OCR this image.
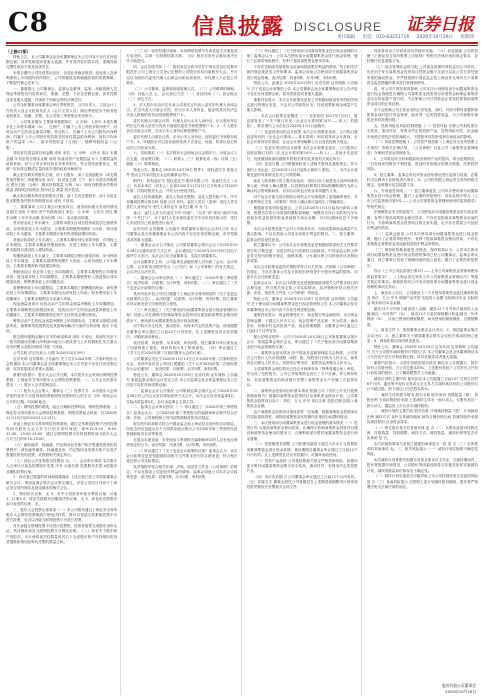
C8	信息披露 DISCLOSURE 证券日报
责任编辑 电话：010-83251716 2020年10月29日 星期四

（上接C7版）

特此公告。本公司董事会及全体董事保证本公告内容不存在任何虚假记载、误导性陈述或者重大遗漏，并对其内容的真实性、准确性和完整性承担个别及连带责任。

本报告期内公司经营情况良好，各项业务稳步推进，营业收入及净利润较上年同期均有所增长，公司将继续坚持稳健经营的发展策略，不断提升核心竞争力。

一、重要提示 公司董事会、监事会及董事、监事、高级管理人员保证季度报告内容的真实、准确、完整，不存在虚假记载、误导性陈述或者重大遗漏，并承担个别和连带的法律责任。

公司全体董事出席董事会审议季度报告。公司负责人、主管会计工作负责人及会计机构负责人（会计主管人员）保证季度报告中财务报表的真实、准确、完整。本公司第三季度报告未经审计。

二、公司基本情况 主要财务数据单位：元 币种：人民币 本报告期末比上年度末增减（%），总资产、归属于上市公司股东的净资产、经营活动产生的现金流量净额、营业收入、归属于上市公司股东的净利润、归属于上市公司股东的扣除非经常性损益的净利润、加权平均净资产收益率（%）、基本每股收益（元/股）、稀释每股收益（元/股）。

非经常性损益项目和金额 适用 单位：元 币种：人民币 项目 本期金额 年初至报告期末金额 说明 非流动资产处置损益 计入当期损益的政府补助，但与公司正常经营业务密切相关，符合国家政策规定、按照一定标准定额或定量持续享受的政府补助除外。

截止报告期末的股东总数、前十名股东、前十名流通股东（或无限售条件股东）持股情况表 单位：股 股东总数（户） 前十名股东持股情况 股东名称（全称） 期末持股数量 比例（%） 持有有限售条件股份数量 质押或冻结情况 股份状态 数量 股东性质。

截止报告期末的优先股股东总数、前十名优先股股东、前十名优先股无限售条件股东持股情况表 适用 不适用。

三、重要事项 公司主要会计报表项目、财务指标重大变动的情况及原因 适用 不适用 资产负债表项目 单位：元 币种：人民币 项目 期末余额 上年年末余额 变动比例（%） 变动原因说明。

货币资金较上年末减少，主要系本期支付项目投资款及偿还借款所致；应收账款较上年末增加，主要系本期销售规模扩大所致；预付款项较上年末增加，主要系本期预付原材料采购款增加所致。

其他应收款较上年末减少，主要系本期收回往来款所致；存货较上年末增加，主要系本期备货增加所致；在建工程较上年末增加，主要系本期项目建设投入增加所致。

短期借款较上年末减少，主要系本期偿还银行借款所致；应付账款较上年末增加，主要系本期采购规模扩大所致；合同负债较上年末增加，主要系本期预收货款增加所致。

利润表项目 营业收入较上年同期增长，主要系本期销售订单增加所致；营业成本较上年同期增长，主要系本期销售收入增加相应成本增加所致；销售费用较上年同期变动。

管理费用较上年同期增加，主要系本期职工薪酬增加所致；研发费用较上年同期增加，主要系本期加大研发投入所致；财务费用较上年同期减少，主要系本期利息支出减少所致。

现金流量表项目 经营活动产生的现金流量净额较上年同期增加，主要系本期销售回款增加所致；投资活动产生的现金流量净额较上年同期减少，主要系本期购建固定资产支付的现金增加所致。

筹资活动产生的现金流量净额较上年同期变动，主要系本期偿还借款所致。重要事项进展情况及其影响和解决方案的分析说明 适用 不适用。

报告期内超期未履行完毕的承诺事项 适用 不适用。预测年初至下一报告期期末的累计净利润可能为亏损或者与上年同期相比发生重大变动的警示及原因说明 适用 不适用。

公司名称 法定代表人 日期 2020年10月29日

证券代码 证券简称 公告编号 关于召开2020年第二次临时股东大会的通知 本公司董事会及全体董事保证本公告内容不存在任何虚假记载、误导性陈述或者重大遗漏。

重要内容提示：股东大会召开日期、本次股东大会采用的网络投票系统：上海证券交易所股东大会网络投票系统。一、召开会议的基本情况（一）股东大会类型和届次。

（二）股东大会召集人：董事会（三）投票方式：本次股东大会所采用的表决方式是现场投票和网络投票相结合的方式（四）现场会议召开的日期、时间和地点。

（五）网络投票的系统、起止日期和投票时间。网络投票系统：上海证券交易所股东大会网络投票系统；网络投票起止时间：自2020年11月13日至2020年11月13日。

采用上海证券交易所网络投票系统，通过交易系统投票平台的投票时间为股东大会召开当日的交易时间段，即9:15-9:25，9:30-11:30，13:00-15:00；通过互联网投票平台的投票时间为股东大会召开当日的9:15-15:00。

（六）融资融券、转融通、约定购回业务账户和沪股通投资者的投票程序。涉及融资融券、转融通业务、约定购回业务相关账户以及沪股通投资者的投票，应按照相关规定执行。

（七）涉及公开征集股东投票权 无。二、会议审议事项 本次股东大会审议议案及投票股东类型 序号 议案名称 投票股东类型 A股股东 非累积投票议案。

1、各议案已披露的时间和披露媒体 上述议案已经公司第届董事会第次会议、第届监事会第次会议审议通过，详见公司同日刊登于上海证券交易所网站及指定媒体的相关公告。

2、特别决议议案：无 3、对中小投资者单独计票的议案：议案1、议案2 4、涉及关联股东回避表决的议案：无 5、涉及优先股股东参与表决的议案：无。

三、股东大会投票注意事项（一）本公司股东通过上海证券交易所股东大会网络投票系统行使表决权的，既可以登陆交易系统投票平台进行投票，也可以登陆互联网投票平台进行投票。

首次登陆互联网投票平台进行投票的，投资者需要完成股东身份认证。具体操作请见互联网投票平台网站说明。（二）持有多个股东账户的股东，可行使的表决权数量是其名下全部股东账户所持相同类别普通股和相同品种优先股的数量总和。

（三）同一表决权通过现场、本所网络投票平台或其他方式重复进行表决的，以第一次投票结果为准。（四）股东对所有议案均表决完毕才能提交。

四、会议出席对象（一）股权登记日收市后在中国证券登记结算有限责任公司上海分公司登记在册的公司股东有权出席股东大会，并可以以书面形式委托代理人出席会议和参加表决。该代理人不必是公司股东。

（二）公司董事、监事和高级管理人员。（三）公司聘请的律师。（四）其他人员 五、会议登记方法（一）登记时间（二）登记地点（三）登记方式。

1、法人股东应由法定代表人或者法定代表人委托的代理人出席会议。法定代表人出席会议的，应出示本人身份证、能证明其具有法定代表人资格的有效证明和股票账户卡。

委托代理人出席会议的，代理人应出示本人身份证、法人股东单位的法定代表人依法出具的书面授权委托书和股票账户卡。2、个人股东亲自出席会议的，应出示本人身份证和股票账户卡。

委托代理人出席会议的，应出示本人身份证、授权委托书和股东账户卡。3、异地股东可以用信函或传真方式登记，信函、传真以登记时间内公司收到为准。

六、其他事项（一）本次股东大会现场会议会期半天，出席会议人员交通、食宿费自理。（二）联系人（三）联系电话（四）传真（五）邮箱（六）联系地址。

特此公告。董事会 2020年10月29日 附件1：授权委托书 报备文件 提议召开本次股东大会的董事会决议。

附件1：授权委托书 授权委托书 股份有限公司：兹委托先生（女士）代表本单位（或本人）出席2020年11月13日召开的贵公司2020年第二次临时股东大会，并代为行使表决权。

委托人持普通股数、委托人持优先股数、委托人股东帐户号。序号 非累积投票议案名称 同意 反对 弃权。委托人签名（盖章）受托人签名 委托人身份证号 受托人身份证号 委托日期 年 月 日。

备注：委托人应当在委托书中“同意”、“反对”或“弃权”意向中选择一个并打“√”，对于委托人在本授权委托书中未作具体指示的，受托人有权按自己的意愿进行表决。

证券代码 证券简称 公告编号 第届董事会第次会议决议公告 本公司董事会及全体董事保证本公告内容不存在任何虚假记载、误导性陈述或者重大遗漏。

一、董事会会议召开情况 公司第届董事会第次会议于2020年10月28日以通讯表决方式召开。会议通知已于2020年10月23日以电子邮件方式发出。本次会议应出席董事名，实际出席董事名。

会议由董事长主持，公司监事及高级管理人员列席了会议。会议的召集、召开和表决程序符合《公司法》和《公司章程》的有关规定，会议决议合法有效。

二、董事会会议审议情况（一）审议通过了《2020年第三季度报告》表决结果：同意票，反对0票，弃权0票。（二）审议通过了《关于变更会计政策的议案》。

具体内容详见公司同日披露于上海证券交易所网站的《关于变更会计政策的公告》。表决结果：同意票，反对0票，弃权0票。独立董事对该议案发表了同意的独立意见。

（三）审议通过了《关于使用部分闲置募集资金进行现金管理的议案》同意公司在确保不影响募集资金投资项目建设和募集资金使用的情况下，使用部分闲置募集资金进行现金管理。

用于购买安全性高、流动性好、有保本约定的投资产品，使用期限自董事会审议通过之日起12个月内有效，在上述额度及决议有效期内，可循环滚动使用。

表决结果：同意票，反对0票，弃权0票。独立董事对该议案发表了同意的独立意见，保荐机构出具了核查意见。（四）审议通过了《关于召开2020年第二次临时股东大会的议案》。

公司董事会决定于2020年11月13日召开2020年第二次临时股东大会，具体内容详见公司同日披露的《关于召开2020年第二次临时股东大会的通知》。表决结果：同意票，反对0票，弃权0票。

特此公告。董事会 2020年10月29日 证券代码 证券简称 公告编号 第届监事会第次会议决议公告 本公司监事会及全体监事保证本公告内容不存在任何虚假记载。

一、监事会会议召开情况 公司第届监事会第次会议于2020年10月28日在公司会议室以现场表决方式召开。本次会议应出席监事3名，实际出席监事3名，会议由监事会主席主持。

二、监事会会议审议情况（一）审议通过了《2020年第三季度报告》监事会认为：公司2020年第三季度报告的编制和审议程序符合法律、法规、公司章程和公司内部管理制度的各项规定。

报告的内容和格式符合中国证监会和上海证券交易所的各项规定，所包含的信息能从各个方面真实地反映出公司2020年第三季度的经营管理和财务状况等事项。

在提出本意见前，未发现参与季度报告编制和审议的人员有违反保密规定的行为。表决结果：同意3票，反对0票，弃权0票。

（二）审议通过了《关于变更会计政策的议案》监事会认为：本次会计政策变更是根据财政部相关文件要求进行的合理变更，符合相关规定和公司实际情况。

其决策程序符合相关法律、法规、规范性文件及《公司章程》的规定，不存在损害公司及股东利益的情形。监事会同意公司本次会计政策变更。表决结果：同意3票，反对0票，弃权0票。

（三）审议通过了《关于使用部分闲置募集资金进行现金管理的议案》监事会认为：公司本次使用部分闲置募集资金进行现金管理，履行了必要的审批程序，有利于提高募集资金使用效率。

不存在变相改变募集资金用途和损害股东利益的情形，符合相关法律法规及规范性文件的要求。监事会同意公司使用部分闲置募集资金进行现金管理。表决结果：同意3票，反对0票，弃权0票。

特此公告。监事会 2020年10月29日 证券代码 证券简称 公告编号 关于变更会计政策的公告 本公司董事会及全体董事保证本公告内容不存在任何虚假记载、误导性陈述或者重大遗漏。

重要内容提示：本次会计政策变更是公司根据财政部发布的相关规定进行的相应变更，不会对公司财务状况、经营成果和现金流量产生重大影响。

一、本次会计政策变更概述（一）变更原因 2017年7月5日，财政部发布了《关于修订印发〈企业会计准则第14号——收入〉的通知》，要求境内上市企业自2020年1月1日起施行。

（二）变更前采用的会计政策 本次会计政策变更前，公司执行财政部发布的《企业会计准则——基本准则》和各项具体会计准则、企业会计准则应用指南、企业会计准则解释公告以及其他相关规定。

（三）变更后采用的会计政策 本次会计政策变更后，公司将执行财政部修订后的《企业会计准则第14号——收入》。其他未变更部分，仍按照财政部前期颁布的相关准则及其他有关规定执行。

（四）变更日期 公司根据财政部上述相关准则及通知规定，作为境内上市企业，自2020年1月1日起执行新收入准则。二、本次会计政策变更的具体情况及对公司的影响。

新收入准则修订的主要内容包括：将现行收入和建造合同两项准则纳入统一的收入确认模型；以控制权转移替代风险报酬转移作为收入确认时点的判断标准；识别合同所包含的各单项履约义务。

对于包含多重交易安排的合同的会计处理提供了更明确的指引；对于某些特定交易（或事项）的收入确认和计量给出了明确规定。

根据新旧准则衔接规定，公司自2020年1月1日起执行新收入准则，根据首次执行本准则的累积影响数，调整首次执行本准则当年年初留存收益及财务报表其他相关项目金额，对可比期间信息不予调整。

本次会计政策变更不会对公司财务状况、经营成果和现金流量产生重大影响，不存在损害公司及全体股东利益的情况。三、独立董事、监事会的结论性意见。

独立董事认为：公司本次会计政策变更是根据财政部相关文件要求进行的合理变更，变更后的会计政策符合财政部、中国证监会和上海证券交易所的相关规定，能够客观、公允地反映公司的财务状况和经营成果。

本次会计政策变更的决策程序符合有关法律、法规和《公司章程》的规定，不存在损害公司及全体股东特别是中小股东利益的情形。同意本次会计政策变更。

监事会认为：本次会计政策变更是根据财政部相关文件要求进行的合理变更，符合相关规定和公司实际情况，其决策程序符合相关法律、法规、规范性文件及《公司章程》的规定。

特此公告。董事会 2020年10月29日 证券代码 证券简称 公告编号 关于使用部分闲置募集资金进行现金管理的公告 本公司董事会及全体董事保证本公告内容不存在任何虚假记载。

重要内容提示：现金管理受托方：商业银行等金融机构；本次现金管理金额：不超过人民币万元；现金管理产品名称：安全性高、流动性好、有保本约定的投资产品；现金管理期限：自董事会审议通过之日起12个月内有效。

履行的审议程序：公司于2020年10月28日召开第届董事会第次会议、第届监事会第次会议，审议通过了《关于使用部分闲置募集资金进行现金管理的议案》。

一、募集资金基本情况 经中国证券监督管理委员会核准，公司首次公开发行人民币普通股（A股）股，每股发行价格为人民币元，募集资金总额为人民币元，扣除发行费用后，募集资金净额为人民币元。

上述募集资金到位情况已经会计师事务所（特殊普通合伙）审验，并出具了验资报告。公司已对募集资金进行了专户存储，并与保荐机构、存放募集资金的商业银行签署了募集资金专户存储三方监管协议。

二、募集资金投资项目的基本情况 根据公司《首次公开发行股票招股说明书》披露的募集资金投资项目及募集资金使用计划，公司募集资金投资项目如下：单位：万元 序号 项目名称 投资总额 拟投入募集资金金额。

由于募集资金投资项目建设需要一定周期，根据募集资金投资项目的实际建设进度，现阶段募集资金在短期内出现部分闲置的情况。

三、本次使用部分闲置募集资金进行现金管理的基本情况（一）投资目的 为提高募集资金使用效率，在确保不影响募集资金投资项目建设和募集资金使用的情况下，合理利用部分暂时闲置募集资金进行现金管理。

（二）投资额度及期限 公司拟使用最高不超过人民币万元的暂时闲置募集资金进行现金管理，使用期限自董事会审议通过之日起12个月内有效。在上述额度及决议有效期内，可循环滚动使用。

（三）投资产品品种 公司将按照相关规定严格控制风险，拟使用部分暂时闲置募集资金购买安全性高、流动性好、有保本约定的投资产品。

（四）决议有效期 自公司董事会审议通过之日起12个月内有效。（五）实施方式 董事会授权公司管理层在上述额度和期限内行使该项投资决策权并签署相关合同文件。

具体事项由公司财务部负责组织实施。（六）信息披露 公司将按照《上海证券交易所股票上市规则》等相关法律法规的规定要求，及时履行信息披露义务。

（七）现金管理收益的分配 公司现金管理所得收益归公司所有，优先用于补足募集资金投资项目投资金额不足部分以及公司日常经营所需的流动资金，并严格按照中国证监会及上海证券交易所关于募集资金监管措施的要求进行管理和使用。

四、对公司日常经营的影响 公司本次计划使用部分闲置募集资金进行现金管理是在确保公司募集资金投资项目所需资金和保证募集资金安全的前提下进行的，不会影响公司日常资金正常周转需要和募集资金项目的正常运转。

亦不会影响公司主营业务的正常发展。同时，对部分暂时闲置的募集资金适时进行现金管理，能获得一定的投资收益，为公司和股东谋取更多的投资回报。

五、投资风险及风险控制措施（一）投资风险 尽管公司拟投资安全性高、流动性好、有保本约定的投资产品，投资风险可控，但金融市场受宏观经济的影响较大，不排除该项投资受到市场波动的影响。

（二）风险控制措施 1、公司将严格按照《上海证券交易所股票上市规则》等相关法律法规、《公司章程》以及公司《募集资金管理制度》办理相关现金管理业务。

2、公司将及时分析和跟踪现金管理产品的投向、项目进展情况，一旦发现或判断有不利因素，将及时采取相应的保全措施，控制投资风险。

3、独立董事、监事会有权对资金使用情况进行监督与检查，必要时可以聘请专业机构进行审计。4、公司将依据上海证券交易所的相关规定，及时履行信息披露义务。

六、专项意见说明（一）独立董事意见 公司本次使用部分闲置募集资金进行现金管理，履行了必要的审批程序，内容及程序符合《上市公司监管指引第2号——上市公司募集资金管理和使用的监管要求》等相关规定。

在保障资金安全的前提下，公司使用部分闲置募集资金进行现金管理，有利于提高募集资金使用效率，不存在变相改变募集资金用途的行为，不影响募集资金投资项目的正常实施，也不存在损害公司及股东利益的情形。

（二）监事会意见 公司本次使用部分闲置募集资金进行现金管理，履行了必要的审批程序，有利于提高募集资金使用效率，不存在变相改变募集资金用途和损害股东利益的情形。

（三）保荐机构核查意见 经核查，保荐机构认为：公司本次使用部分闲置募集资金进行现金管理的事项已经公司董事会、监事会审议通过，独立董事已发表了明确同意的独立意见，履行了必要的审批程序。

符合《上市公司监管指引第2号——上市公司募集资金管理和使用的监管要求》、《上海证券交易所上市公司募集资金管理办法》等相关规定的要求。保荐机构对公司本次使用部分闲置募集资金进行现金管理的事项无异议。

七、截至本公告日，公司最近十二个月使用募集资金委托理财的情况 单位：万元 序号 理财产品类型 实际投入金额 实际收回本金 实际收益 尚未收回本金金额。

最近12个月内单日最高投入金额、最近12个月内单日最高投入金额/最近一年净资产（%）、最近12个月委托理财累计收益/最近一年净利润（%）、目前已使用的理财额度、尚未使用的理财额度、总理财额度。

八、备查文件 1、第届董事会第次会议决议；2、第届监事会第次会议决议；3、独立董事关于第届董事会第次会议相关事项的独立意见；4、保荐机构出具的核查意见。

特此公告。董事会 2020年10月29日 证券代码 证券简称 公告编号 关于公司股东减持股份计划的公告 本公司董事会及全体董事保证本公告内容不存在任何虚假记载、误导性陈述或者重大遗漏。

重要内容提示：大股东持股的基本情况 截至本公告披露日，股东持有公司股份股，占公司总股本的%，上述股份来源于公司首次公开发行前取得的股份，已于解除限售并上市流通。

减持计划的主要内容 股东拟自本公告披露之日起15个交易日后的6个月内，通过集中竞价交易或大宗交易方式减持其持有的公司股份合计不超过股，即不超过公司总股本的%。

一、减持主体的基本情况 股东名称 股东身份 持股数量（股） 持股比例 当前持股股份来源 上述减持主体无一致行动人。大股东及其一致行动人、董监高上市以来未减持股份。

二、减持计划的主要内容 股东名称 计划减持数量（股） 计划减持比例 减持方式 竞价交易减持期间 减持合理价格区间 拟减持股份来源 拟减持原因 自身资金需求。

（一）相关股东是否有其他安排 是 否（二）大股东此前对持股比例、持股数量、持股期限、减持方式、减持数量、减持价格等是否作出承诺 是 否。

本次拟减持事项与此前已披露的承诺是否一致 是 否（三）本所要求的其他事项 无。三、相关风险提示（一）减持计划实施的不确定性风险。

本次减持计划系股东根据自身资金需求自主决定，在减持期间内，股东将根据市场情况、公司股价等因素选择是否实施及如何实施减持计划，减持的数量和价格存在不确定性。

（二）减持计划实施是否可能导致上市公司控制权发生变更的风险 是 否（三）其他风险提示 在按照上述计划减持股份期间，股东将严格遵守相关法律法规的规定。

股份有限公司董事会
2020年10月29日
